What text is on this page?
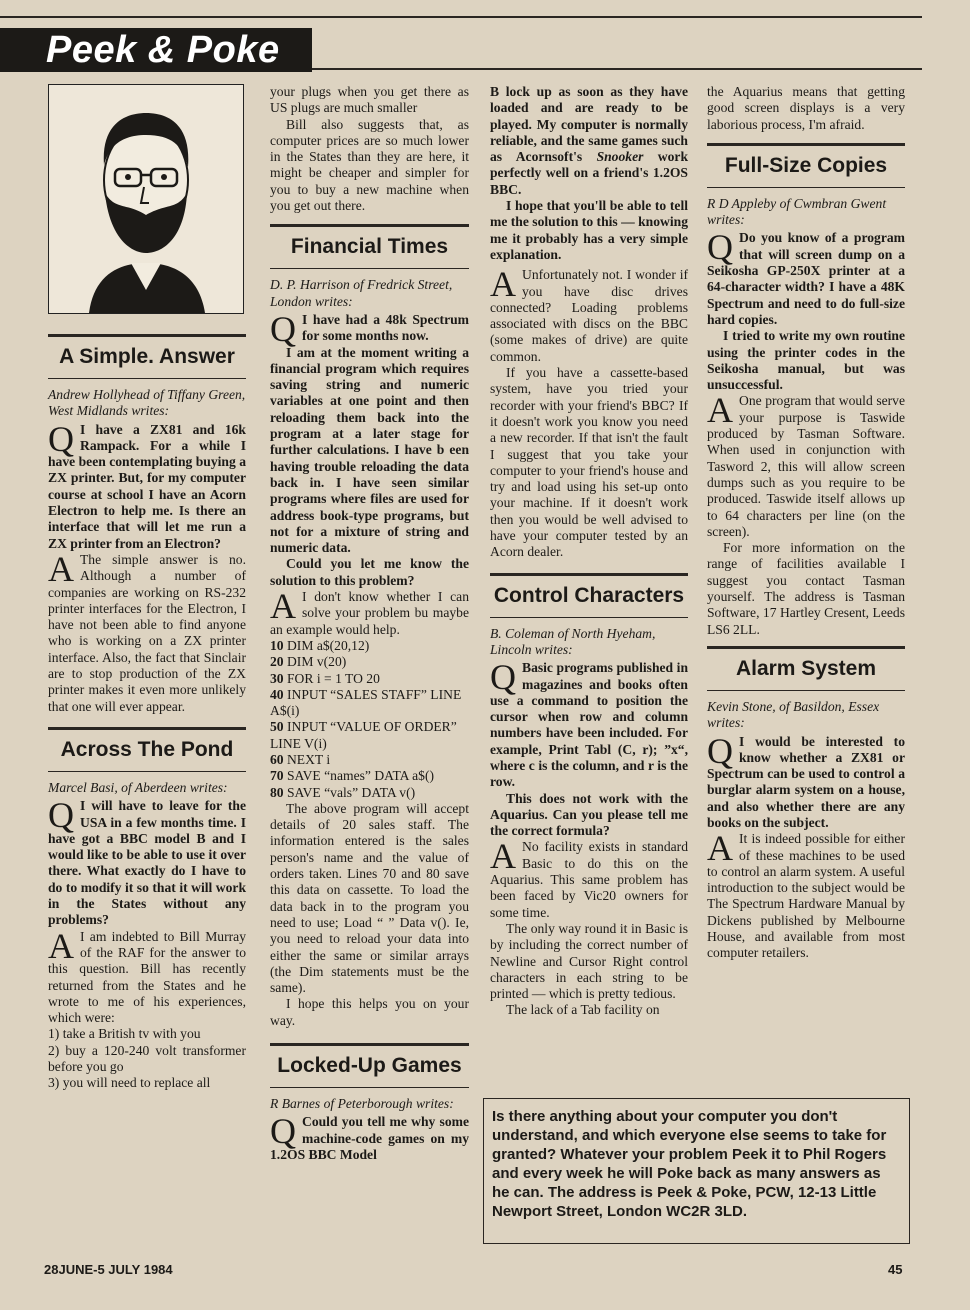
Peek & Poke
A Simple. Answer

Andrew Hollyhead of Tiffany Green, West Midlands writes:

Q I have a ZX81 and 16k Rampack. For a while I have been contemplating buying a ZX printer. But, for my computer course at school I have an Acorn Electron to help me. Is there an interface that will let me run a ZX printer from an Electron?

A The simple answer is no. Although a number of companies are working on RS-232 printer interfaces for the Electron, I have not been able to find anyone who is working on a ZX printer interface. Also, the fact that Sinclair are to stop production of the ZX printer makes it even more unlikely that one will ever appear.

Across The Pond

Marcel Basi, of Aberdeen writes:

Q I will have to leave for the USA in a few months time. I have got a BBC model B and I would like to be able to use it over there. What exactly do I have to do to modify it so that it will work in the States without any problems?

A I am indebted to Bill Murray of the RAF for the answer to this question. Bill has recently returned from the States and he wrote to me of his experiences, which were:

1) take a British tv with you

2) buy a 120-240 volt transformer before you go

3) you will need to replace all

your plugs when you get there as US plugs are much smaller

Bill also suggests that, as computer prices are so much lower in the States than they are here, it might be cheaper and simpler for you to buy a new machine when you get out there.

Financial Times

D. P. Harrison of Fredrick Street, London writes:

Q I have had a 48k Spectrum for some months now.

I am at the moment writing a financial program which requires saving string and numeric variables at one point and then reloading them back into the program at a later stage for further calculations. I have b een having trouble reloading the data back in. I have seen similar programs where files are used for address book-type programs, but not for a mixture of string and numeric data.

Could you let me know the solution to this problem?

A I don't know whether I can solve your problem bu maybe an example would help.

10 DIM a$(20,12)
20 DIM v(20)
30 FOR i = 1 TO 20
40 INPUT “SALES STAFF” LINE A$(i)
50 INPUT “VALUE OF ORDER” LINE V(i)
60 NEXT i
70 SAVE “names” DATA a$()
80 SAVE “vals” DATA v()

The above program will accept details of 20 sales staff. The information entered is the sales person's name and the value of orders taken. Lines 70 and 80 save this data on cassette. To load the data back in to the program you need to use; Load “ ” Data v(). Ie, you need to reload your data into either the same or similar arrays (the Dim statements must be the same).

I hope this helps you on your way.

Locked-Up Games

R Barnes of Peterborough writes:

Q Could you tell me why some machine-code games on my 1.2OS BBC Model

B lock up as soon as they have loaded and are ready to be played. My computer is normally reliable, and the same games such as Acornsoft's Snooker work perfectly well on a friend's 1.2OS BBC.

I hope that you'll be able to tell me the solution to this — knowing me it probably has a very simple explanation.

A Unfortunately not. I wonder if you have disc drives connected? Loading problems associated with discs on the BBC (some makes of drive) are quite common.

If you have a cassette-based system, have you tried your recorder with your friend's BBC? If it doesn't work you know you need a new recorder. If that isn't the fault I suggest that you take your computer to your friend's house and try and load using his set-up onto your machine. If it doesn't work then you would be well advised to have your computer tested by an Acorn dealer.

Control Characters

B. Coleman of North Hyeham, Lincoln writes:

Q Basic programs published in magazines and books often use a command to position the cursor when row and column numbers have been included. For example, Print Tabl (C, r); ”x“, where c is the column, and r is the row.

This does not work with the Aquarius. Can you please tell me the correct formula?

A No facility exists in standard Basic to do this on the Aquarius. This same problem has been faced by Vic20 owners for some time.

The only way round it in Basic is by including the correct number of Newline and Cursor Right control characters in each string to be printed — which is pretty tedious.

The lack of a Tab facility on

the Aquarius means that getting good screen displays is a very laborious process, I'm afraid.

Full-Size Copies

R D Appleby of Cwmbran Gwent writes:

Q Do you know of a program that will screen dump on a Seikosha GP-250X printer at a 64-character width? I have a 48K Spectrum and need to do full-size hard copies.

I tried to write my own routine using the printer codes in the Seikosha manual, but was unsuccessful.

A One program that would serve your purpose is Taswide produced by Tasman Software. When used in conjunction with Tasword 2, this will allow screen dumps such as you require to be produced. Taswide itself allows up to 64 characters per line (on the screen).

For more information on the range of facilities available I suggest you contact Tasman yourself. The address is Tasman Software, 17 Hartley Cresent, Leeds LS6 2LL.

Alarm System

Kevin Stone, of Basildon, Essex writes:

Q I would be interested to know whether a ZX81 or Spectrum can be used to control a burglar alarm system on a house, and also whether there are any books on the subject.

A It is indeed possible for either of these machines to be used to control an alarm system. A useful introduction to the subject would be The Spectrum Hardware Manual by Dickens published by Melbourne House, and available from most computer retailers.

Is there anything about your computer you don't understand, and which everyone else seems to take for granted? Whatever your problem Peek it to Phil Rogers and every week he will Poke back as many answers as he can. The address is Peek & Poke, PCW, 12-13 Little Newport Street, London WC2R 3LD.
28JUNE-5 JULY 1984	45
